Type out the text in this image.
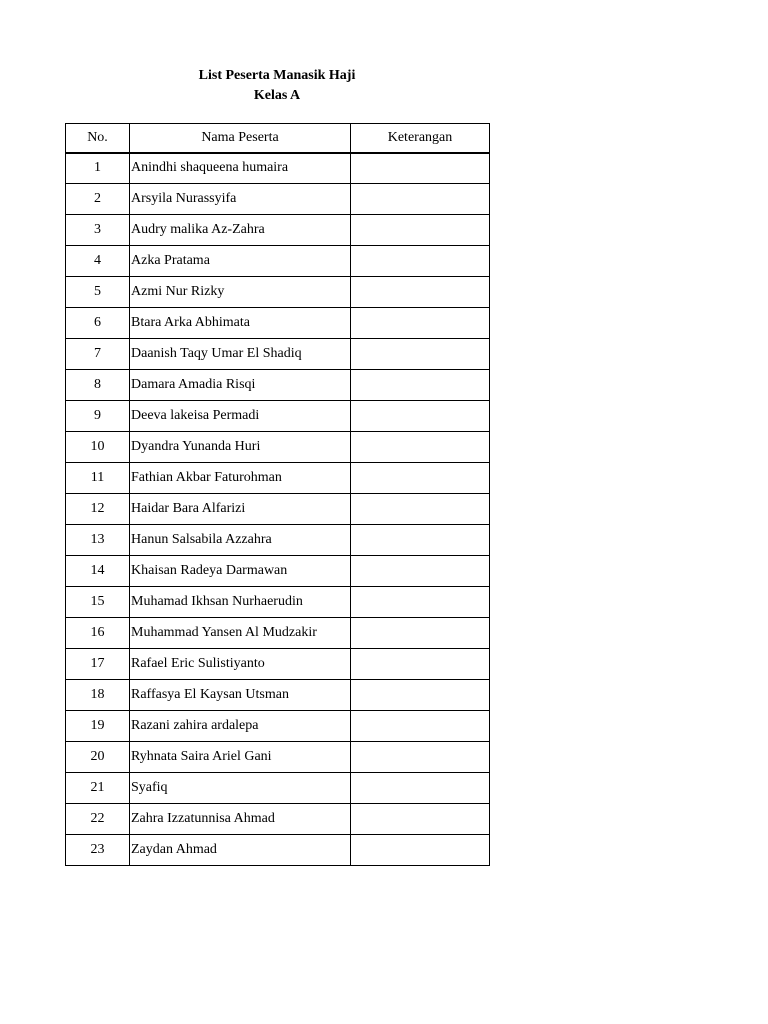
List Peserta Manasik Haji
Kelas A
No.	Nama Peserta	Keterangan
1	Anindhi shaqueena humaira	
2	Arsyila Nurassyifa	
3	Audry malika Az-Zahra	
4	Azka Pratama	
5	Azmi Nur Rizky	
6	Btara Arka Abhimata	
7	Daanish Taqy Umar El Shadiq	
8	Damara Amadia Risqi	
9	Deeva lakeisa Permadi	
10	Dyandra Yunanda Huri	
11	Fathian Akbar Faturohman	
12	Haidar Bara Alfarizi	
13	Hanun Salsabila Azzahra	
14	Khaisan Radeya Darmawan	
15	Muhamad Ikhsan Nurhaerudin	
16	Muhammad Yansen Al Mudzakir	
17	Rafael Eric Sulistiyanto	
18	Raffasya El Kaysan Utsman	
19	Razani zahira ardalepa	
20	Ryhnata Saira Ariel Gani	
21	Syafiq	
22	Zahra Izzatunnisa Ahmad	
23	Zaydan Ahmad	
